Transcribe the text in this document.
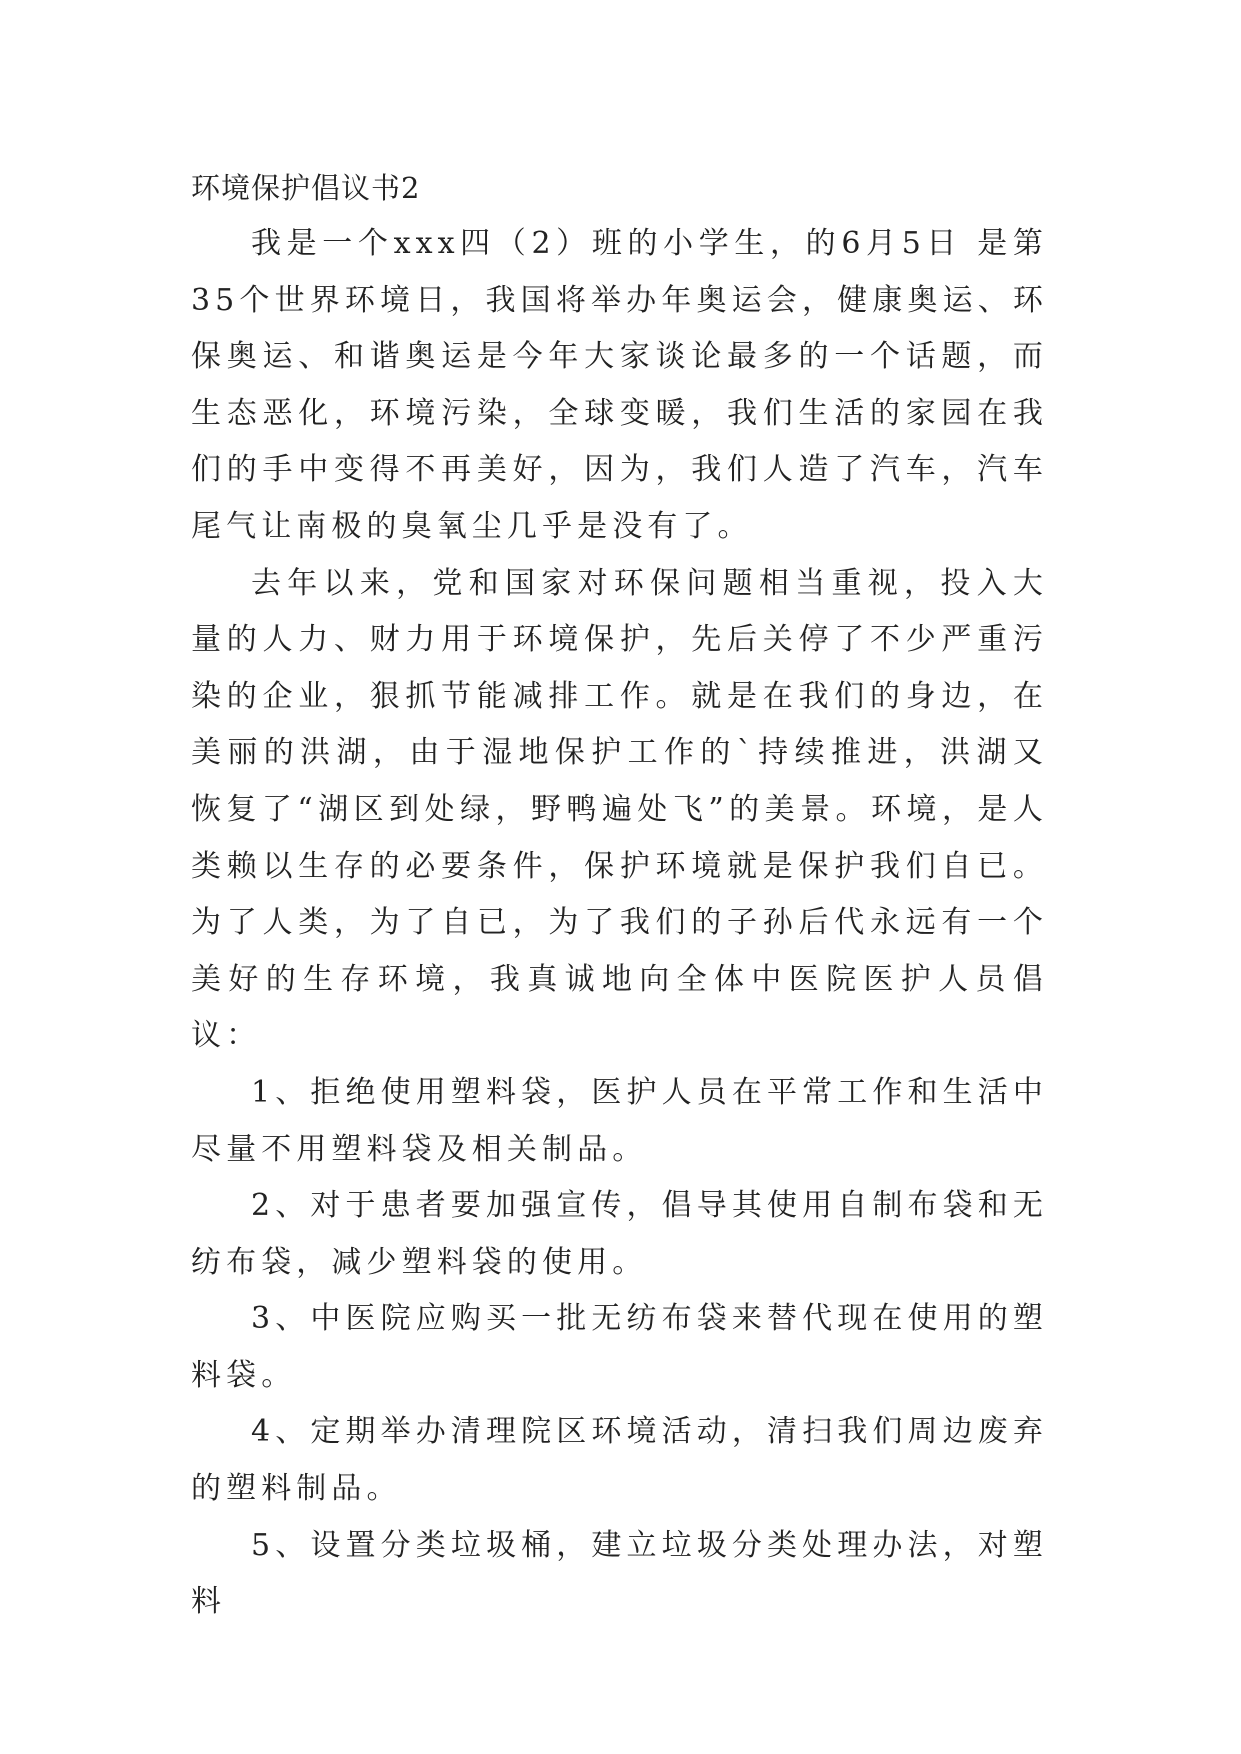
环境保护倡议书2

我是一个xxx四（2）班的小学生，的6月5日 是第35个世界环境日，我国将举办年奥运会，健康奥运、环保奥运、和谐奥运是今年大家谈论最多的一个话题，而生态恶化，环境污染，全球变暖，我们生活的家园在我们的手中变得不再美好，因为，我们人造了汽车，汽车尾气让南极的臭氧尘几乎是没有了。

去年以来，党和国家对环保问题相当重视，投入大量的人力、财力用于环境保护，先后关停了不少严重污染的企业，狠抓节能减排工作。就是在我们的身边，在美丽的洪湖，由于湿地保护工作的`持续推进，洪湖又恢复了“湖区到处绿，野鸭遍处飞”的美景。环境，是人类赖以生存的必要条件，保护环境就是保护我们自已。为了人类，为了自已，为了我们的子孙后代永远有一个美好的生存环境，我真诚地向全体中医院医护人员倡议：

1、拒绝使用塑料袋，医护人员在平常工作和生活中尽量不用塑料袋及相关制品。

2、对于患者要加强宣传，倡导其使用自制布袋和无纺布袋，减少塑料袋的使用。

3、中医院应购买一批无纺布袋来替代现在使用的塑料袋。

4、定期举办清理院区环境活动，清扫我们周边废弃的塑料制品。

5、设置分类垃圾桶，建立垃圾分类处理办法，对塑料
